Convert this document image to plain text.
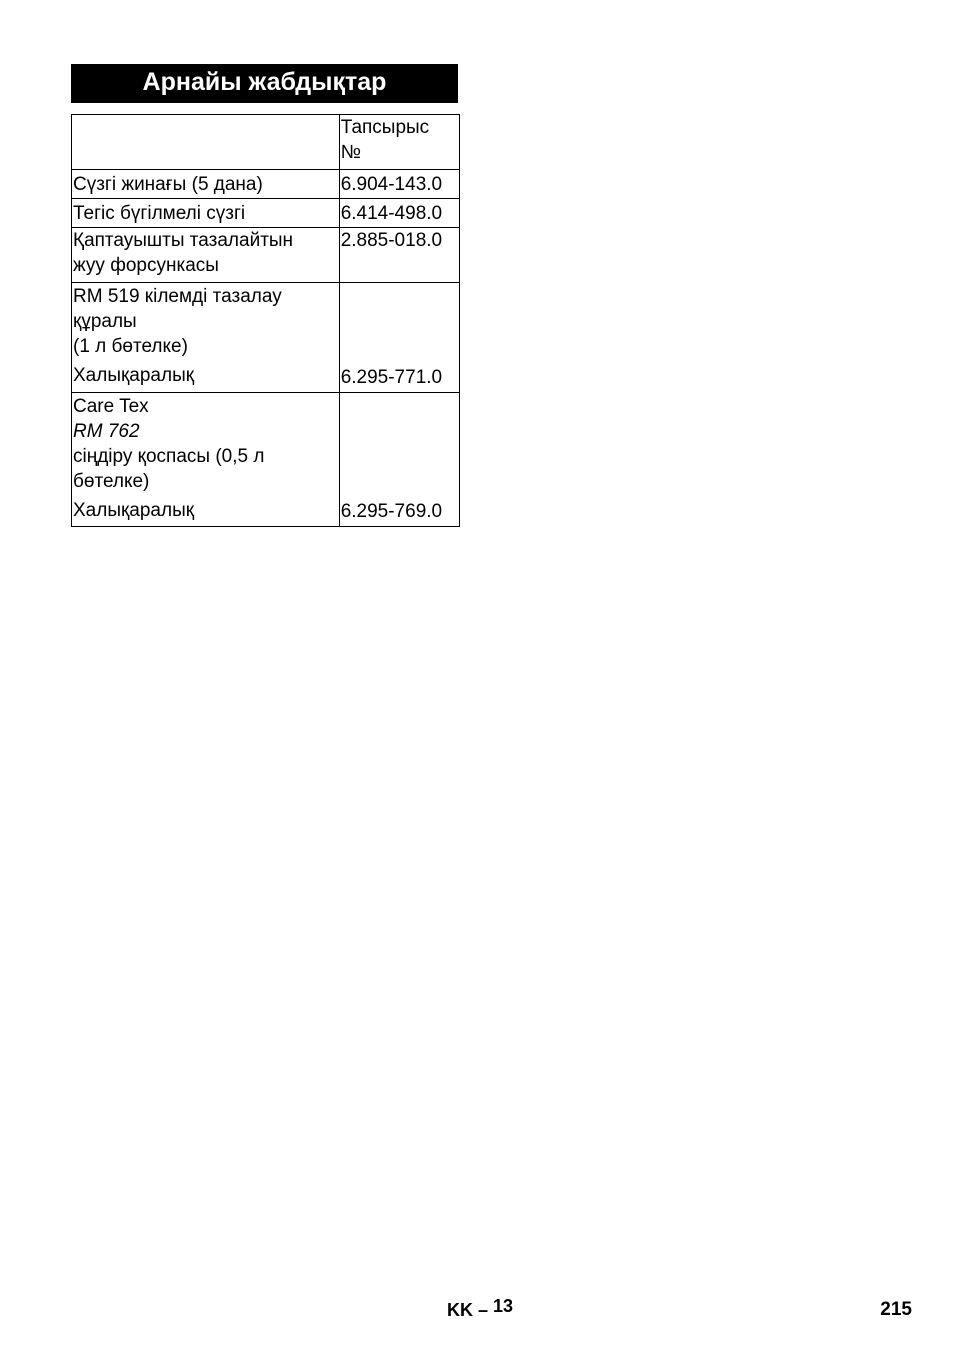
Арнайы жабдықтар

	Тапсырыс
№

Сүзгі жинағы (5 дана)	6.904-143.0

Тегіс бүгілмелі сүзгі	6.414-498.0

Қаптауышты тазалайтын
жуу форсункасы	2.885-018.0

RM 519 кілемді тазалау
құралы
(1 л бөтелке)
Халықаралық	6.295-771.0

Care Tex
RM 762
сіңдіру қоспасы (0,5 л
бөтелке)
Халықаралық	6.295-769.0
KK – 13	215
